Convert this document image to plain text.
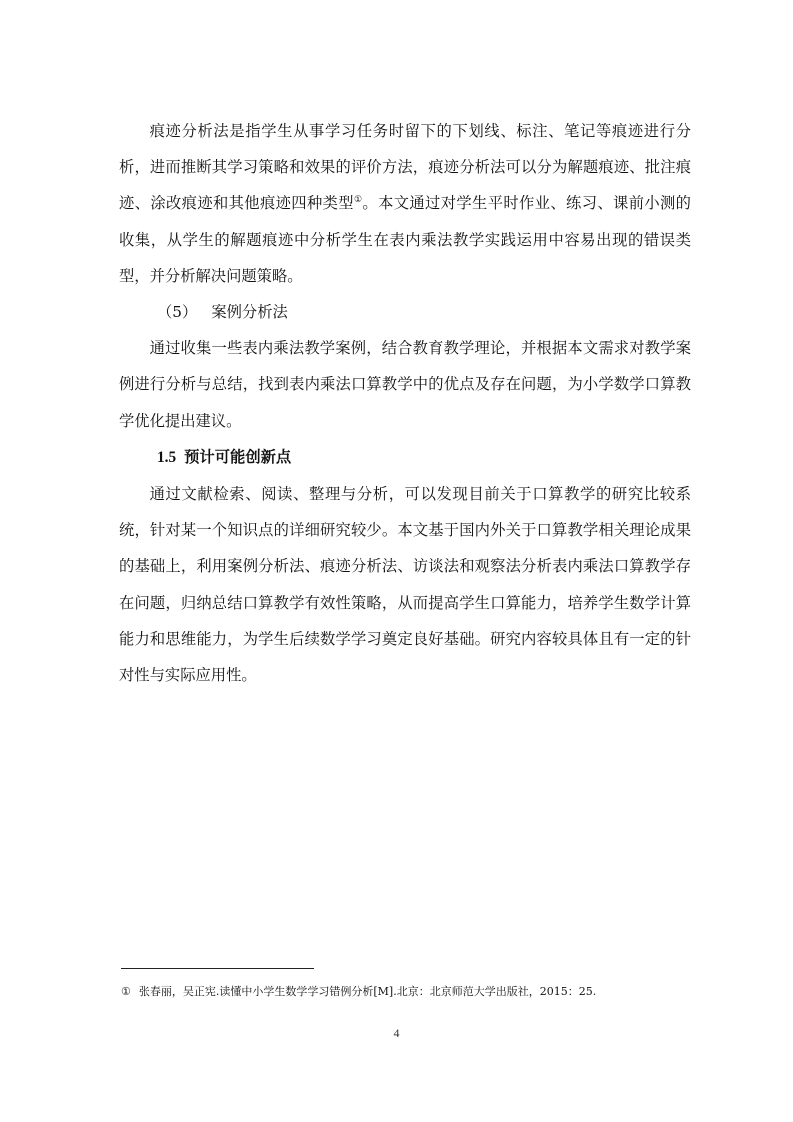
痕迹分析法是指学生从事学习任务时留下的下划线、标注、笔记等痕迹进行分析，进而推断其学习策略和效果的评价方法，痕迹分析法可以分为解题痕迹、批注痕迹、涂改痕迹和其他痕迹四种类型①。本文通过对学生平时作业、练习、课前小测的收集，从学生的解题痕迹中分析学生在表内乘法教学实践运用中容易出现的错误类型，并分析解决问题策略。

（5） 案例分析法

通过收集一些表内乘法教学案例，结合教育教学理论，并根据本文需求对教学案例进行分析与总结，找到表内乘法口算教学中的优点及存在问题，为小学数学口算教学优化提出建议。

1.5 预计可能创新点

通过文献检索、阅读、整理与分析，可以发现目前关于口算教学的研究比较系统，针对某一个知识点的详细研究较少。本文基于国内外关于口算教学相关理论成果的基础上，利用案例分析法、痕迹分析法、访谈法和观察法分析表内乘法口算教学存在问题，归纳总结口算教学有效性策略，从而提高学生口算能力，培养学生数学计算能力和思维能力，为学生后续数学学习奠定良好基础。研究内容较具体且有一定的针对性与实际应用性。

① 张春丽，吴正宪.读懂中小学生数学学习错例分析[M].北京：北京师范大学出版社，2015：25.
4
